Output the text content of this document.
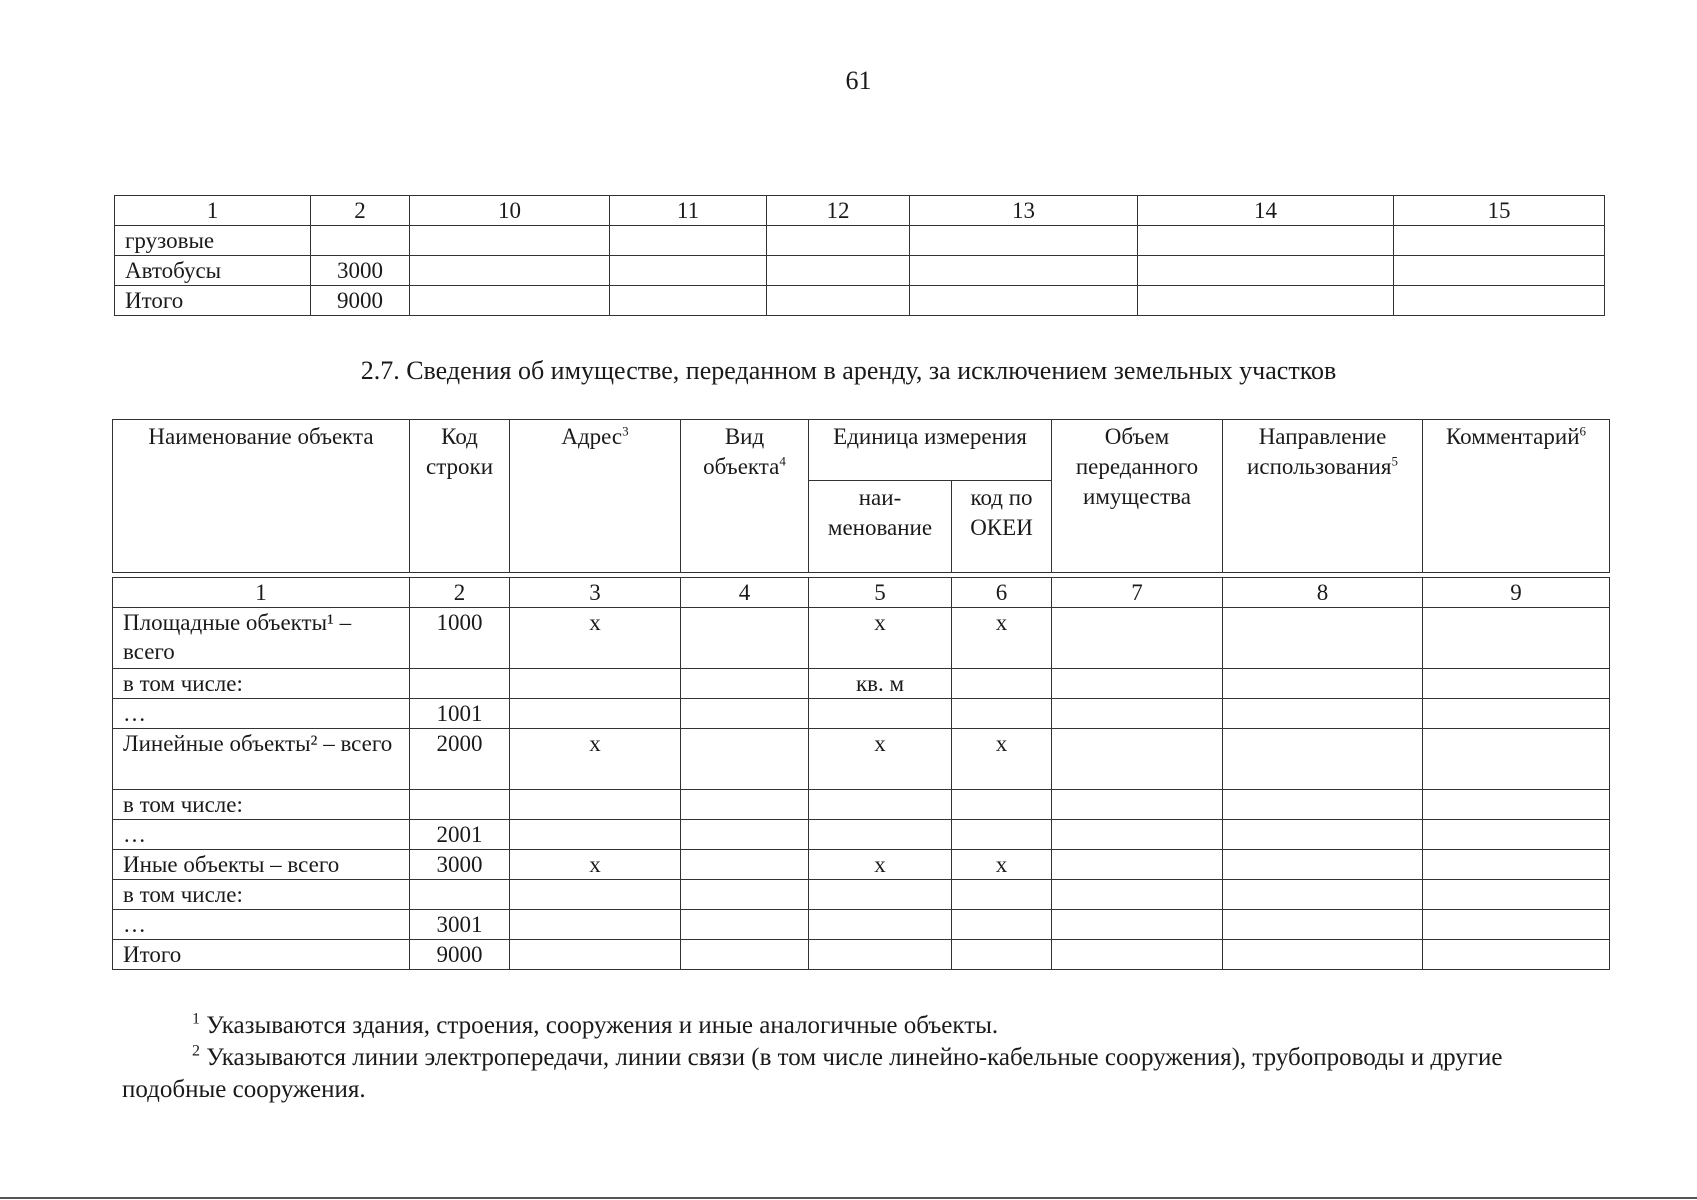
61
1	2	10	11	12	13	14	15
грузовые							
Автобусы	3000						
Итого	9000						
2.7. Сведения об имуществе, переданном в аренду, за исключением земельных участков
Наименование объекта	Код строки	Адрес$^3$	Вид объекта$^4$	Единица измерения		Объем переданного имущества	Направление использования$^5$	Комментарий$^6$
				наи-менование	код по ОКЕИ			
1	2	3	4	5	6	7	8	9
Площадные объекты¹ – всего	1000	х		х	х			
в том числе:				кв. м				
…	1001							
Линейные объекты² – всего	2000	х		х	х			
в том числе:								
…	2001							
Иные объекты – всего	3000	х		х	х			
в том числе:								
…	3001							
Итого	9000							
$^1$ Указываются здания, строения, сооружения и иные аналогичные объекты.
$^2$ Указываются линии электропередачи, линии связи (в том числе линейно-кабельные сооружения), трубопроводы и другие подобные сооружения.
